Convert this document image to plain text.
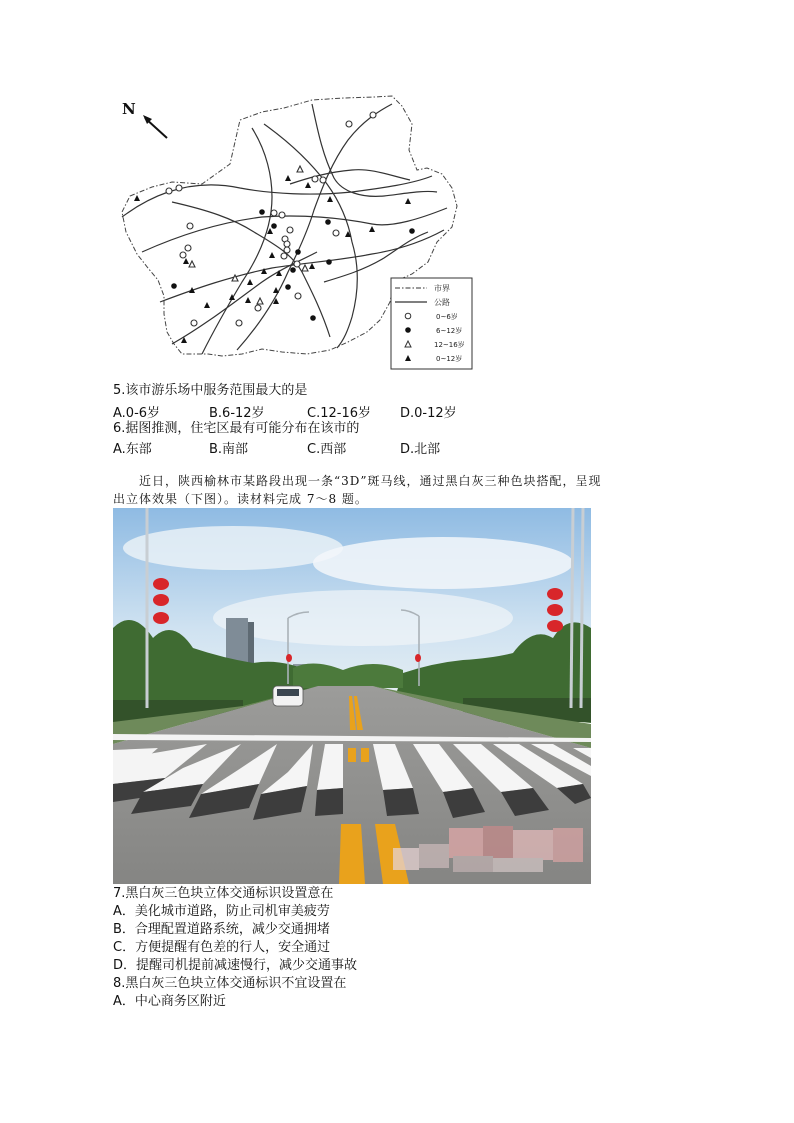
N
市界
公路
0~6岁
6~12岁
12~16岁
0~12岁
5.该市游乐场中服务范围最大的是
A.0-6岁	B.6-12岁	C.12-16岁 D.0-12岁
6.据图推测，住宅区最有可能分布在该市的
A.东部	B.南部	C.西部	D.北部
近日，陕西榆林市某路段出现一条“3D”斑马线，通过黑白灰三种色块搭配，呈现
出立体效果（下图）。读材料完成 7～8 题。
7.黑白灰三色块立体交通标识设置意在
A．美化城市道路，防止司机审美疲劳
B．合理配置道路系统，减少交通拥堵
C．方便提醒有色差的行人，安全通过
D．提醒司机提前减速慢行，减少交通事故
8.黑白灰三色块立体交通标识不宜设置在
A．中心商务区附近
